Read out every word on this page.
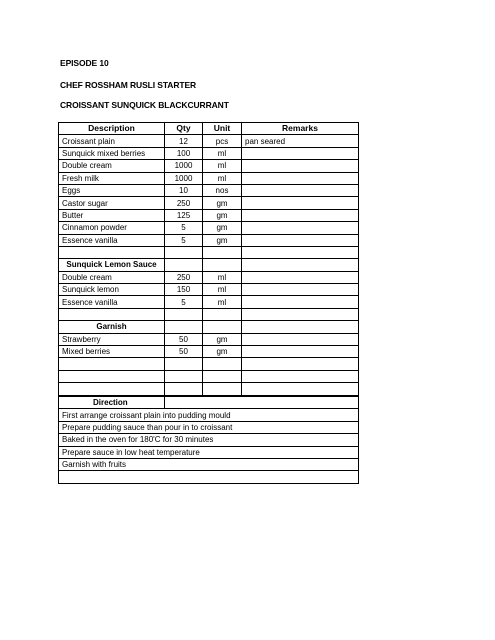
EPISODE 10
CHEF ROSSHAM RUSLI STARTER
CROISSANT SUNQUICK BLACKCURRANT
Description	Qty	Unit	Remarks
Croissant plain	12	pcs	pan seared
Sunquick mixed berries	100	ml	
Double cream	1000	ml	
Fresh milk	1000	ml	
Eggs	10	nos	
Castor sugar	250	gm	
Butter	125	gm	
Cinnamon powder	5	gm	
Essence vanilla	5	gm	

Sunquick Lemon Sauce			
Double cream	250	ml	
Sunquick lemon	150	ml	
Essence vanilla	5	ml	

Garnish			
Strawberry	50	gm	
Mixed berries	50	gm	

Direction	
First arrange croissant plain into pudding mould
Prepare pudding sauce than pour in to croissant
Baked in the oven for 180'C for 30 minutes
Prepare sauce in low heat temperature
Garnish with fruits
